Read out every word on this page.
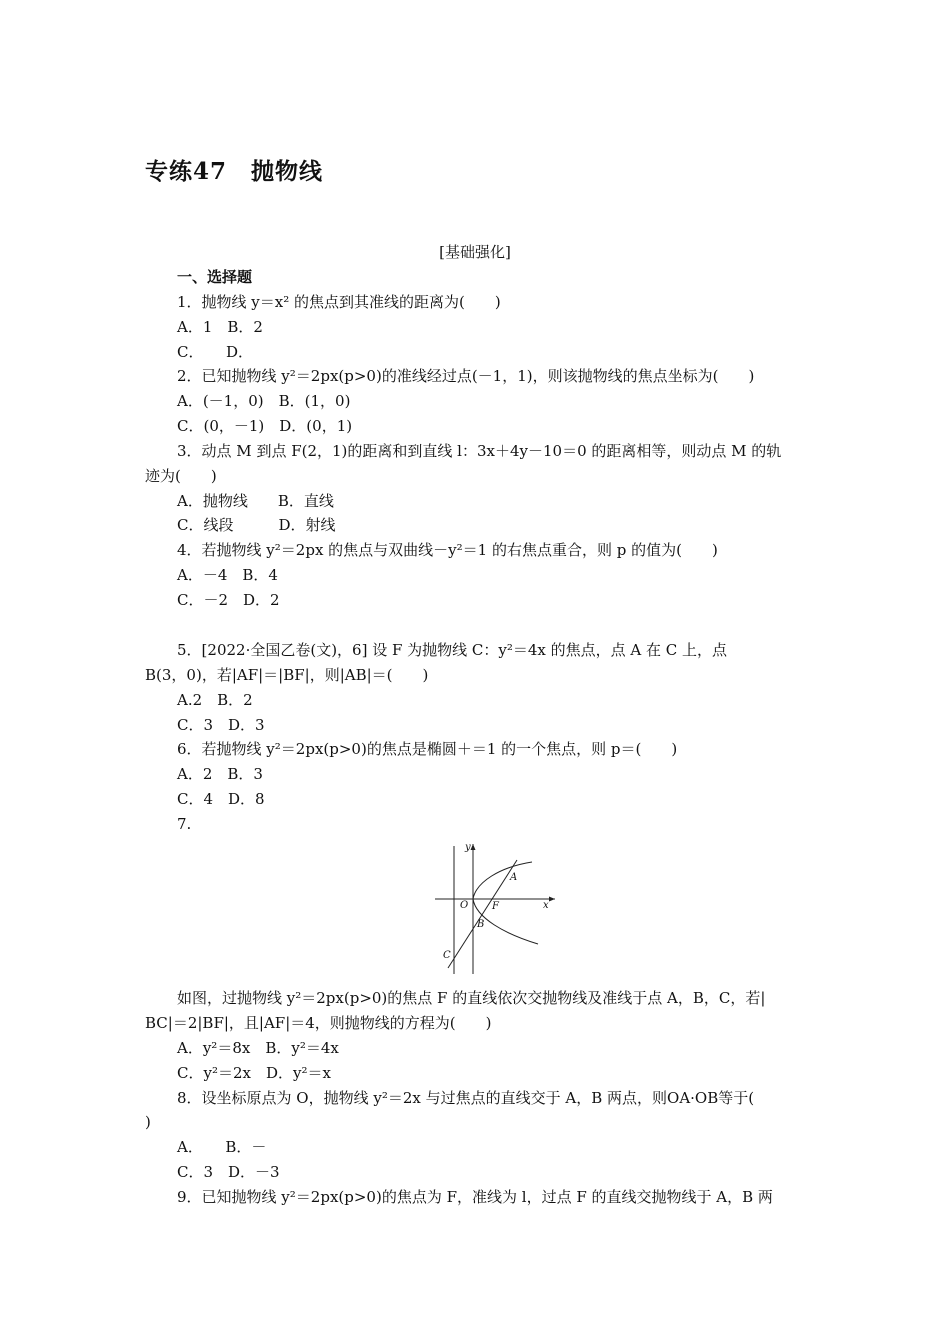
专练47　抛物线
[基础强化]
一、选择题
1．抛物线 y＝x² 的焦点到其准线的距离为(　　)
A．1　B．2
C．　　D．
2．已知抛物线 y²＝2px(p>0)的准线经过点(－1，1)，则该抛物线的焦点坐标为(　　)
A．(－1，0)　B．(1，0)
C．(0，－1)　D．(0，1)
3．动点 M 到点 F(2，1)的距离和到直线 l：3x＋4y－10＝0 的距离相等，则动点 M 的轨
迹为(　　)
A．抛物线　　B．直线
C．线段　　　D．射线
4．若抛物线 y²＝2px 的焦点与双曲线－y²＝1 的右焦点重合，则 p 的值为(　　)
A．－4　B．4
C．－2　D．2
5．[2022·全国乙卷(文)，6] 设 F 为抛物线 C：y²＝4x 的焦点，点 A 在 C 上，点
B(3，0)，若|AF|＝|BF|，则|AB|＝(　　)
A.2　B．2
C．3　D．3
6．若抛物线 y²＝2px(p>0)的焦点是椭圆＋＝1 的一个焦点，则 p＝(　　)
A．2　B．3
C．4　D．8
7.
y
x
O F
A
B
C
如图，过抛物线 y²＝2px(p>0)的焦点 F 的直线依次交抛物线及准线于点 A，B，C，若|
BC|＝2|BF|，且|AF|＝4，则抛物线的方程为(　　)
A．y²＝8x　B．y²＝4x
C．y²＝2x　D．y²＝x
8．设坐标原点为 O，抛物线 y²＝2x 与过焦点的直线交于 A，B 两点，则OA·OB等于(
)
A．　　B．－
C．3　D．－3
9．已知抛物线 y²＝2px(p>0)的焦点为 F，准线为 l，过点 F 的直线交抛物线于 A，B 两
